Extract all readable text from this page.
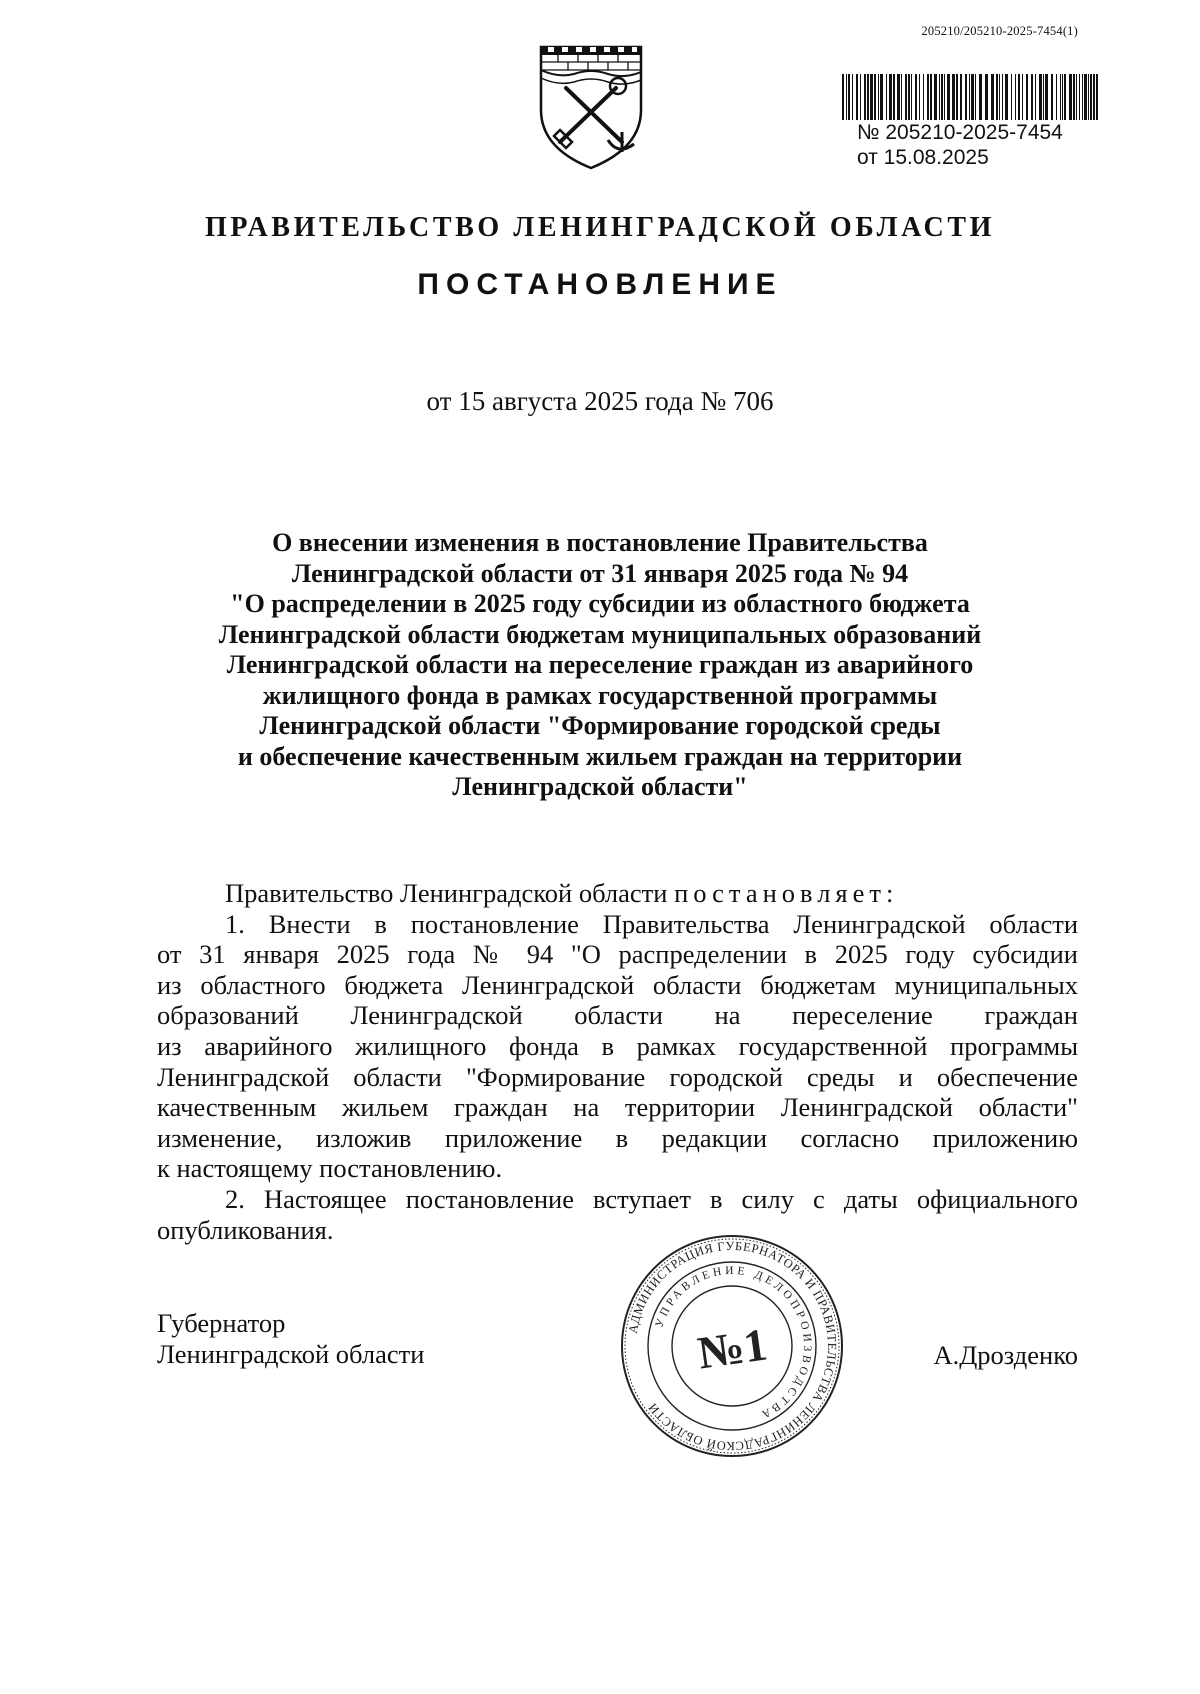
205210/205210-2025-7454(1)
№ 205210-2025-7454
от 15.08.2025
ПРАВИТЕЛЬСТВО ЛЕНИНГРАДСКОЙ ОБЛАСТИ
ПОСТАНОВЛЕНИЕ
от 15 августа 2025 года № 706
О внесении изменения в постановление Правительства
Ленинградской области от 31 января 2025 года № 94
"О распределении в 2025 году субсидии из областного бюджета
Ленинградской области бюджетам муниципальных образований
Ленинградской области на переселение граждан из аварийного
жилищного фонда в рамках государственной программы
Ленинградской области "Формирование городской среды
и обеспечение качественным жильем граждан на территории
Ленинградской области"

Правительство Ленинградской области постановляет:

1. Внести в постановление Правительства Ленинградской области
от 31 января 2025 года № 94 "О распределении в 2025 году субсидии
из областного бюджета Ленинградской области бюджетам муниципальных
образований Ленинградской области на переселение граждан
из аварийного жилищного фонда в рамках государственной программы
Ленинградской области "Формирование городской среды и обеспечение
качественным жильем граждан на территории Ленинградской области"
изменение, изложив приложение в редакции согласно приложению
к настоящему постановлению.

2. Настоящее постановление вступает в силу с даты официального
опубликования.

Губернатор
Ленинградской области	А.Дрозденко
АДМИНИСТРАЦИЯ ГУБЕРНАТОРА И ПРАВИТЕЛЬСТВА ЛЕНИНГРАДСКОЙ ОБЛАСТИ
УПРАВЛЕНИЕ ДЕЛОПРОИЗВОДСТВА
№1
